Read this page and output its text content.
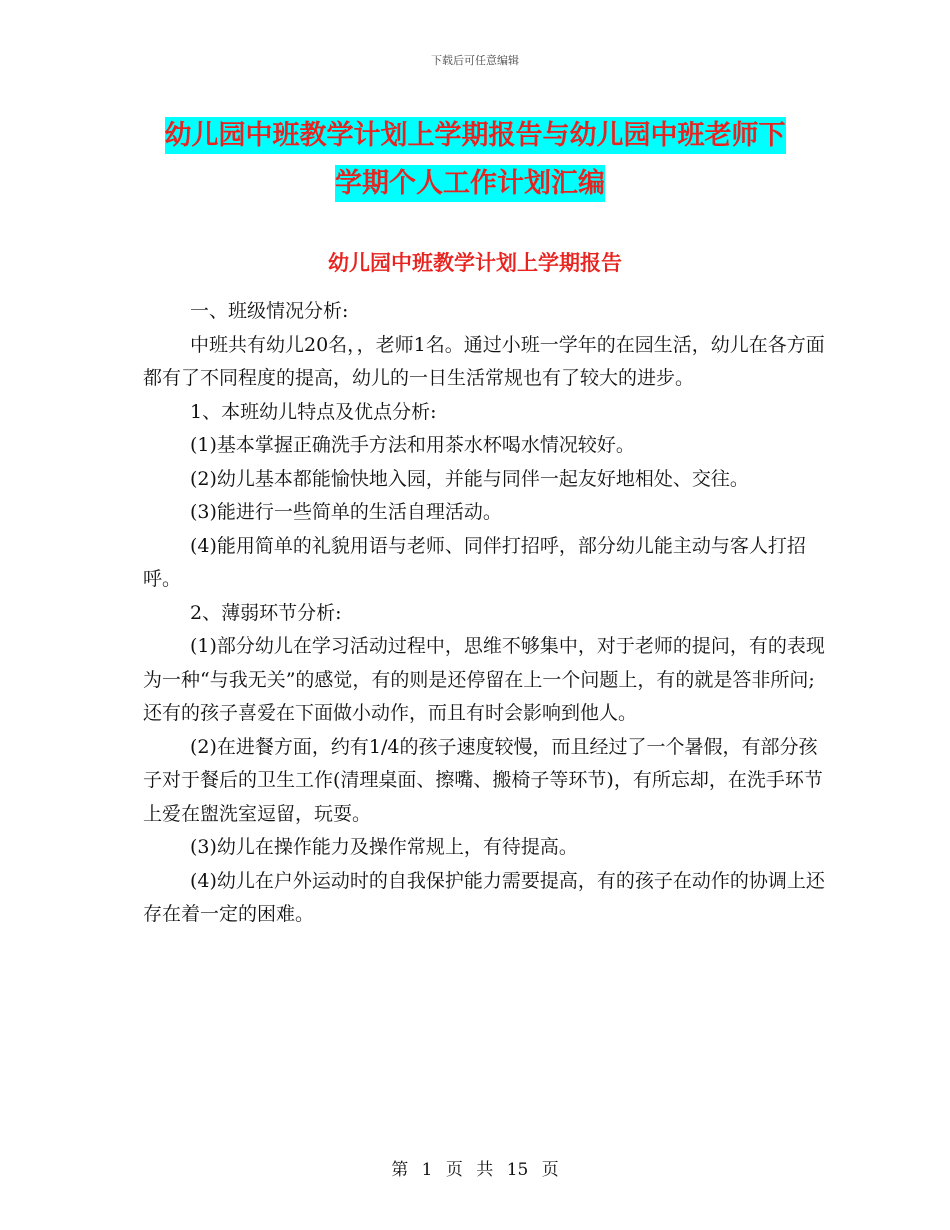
下载后可任意编辑
幼儿园中班教学计划上学期报告与幼儿园中班老师下
学期个人工作计划汇编
幼儿园中班教学计划上学期报告

一、班级情况分析:

中班共有幼儿20名，，老师1名。通过小班一学年的在园生活，幼儿在各方面都有了不同程度的提高，幼儿的一日生活常规也有了较大的进步。

1、本班幼儿特点及优点分析:

(1)基本掌握正确洗手方法和用茶水杯喝水情况较好。

(2)幼儿基本都能愉快地入园，并能与同伴一起友好地相处、交往。

(3)能进行一些简单的生活自理活动。

(4)能用简单的礼貌用语与老师、同伴打招呼，部分幼儿能主动与客人打招呼。

2、薄弱环节分析:

(1)部分幼儿在学习活动过程中，思维不够集中，对于老师的提问，有的表现为一种“与我无关”的感觉，有的则是还停留在上一个问题上，有的就是答非所问;还有的孩子喜爱在下面做小动作，而且有时会影响到他人。

(2)在进餐方面，约有1/4的孩子速度较慢，而且经过了一个暑假，有部分孩子对于餐后的卫生工作(清理桌面、擦嘴、搬椅子等环节)，有所忘却，在洗手环节上爱在盥洗室逗留，玩耍。

(3)幼儿在操作能力及操作常规上，有待提高。

(4)幼儿在户外运动时的自我保护能力需要提高，有的孩子在动作的协调上还存在着一定的困难。

第 1 页 共 15 页
